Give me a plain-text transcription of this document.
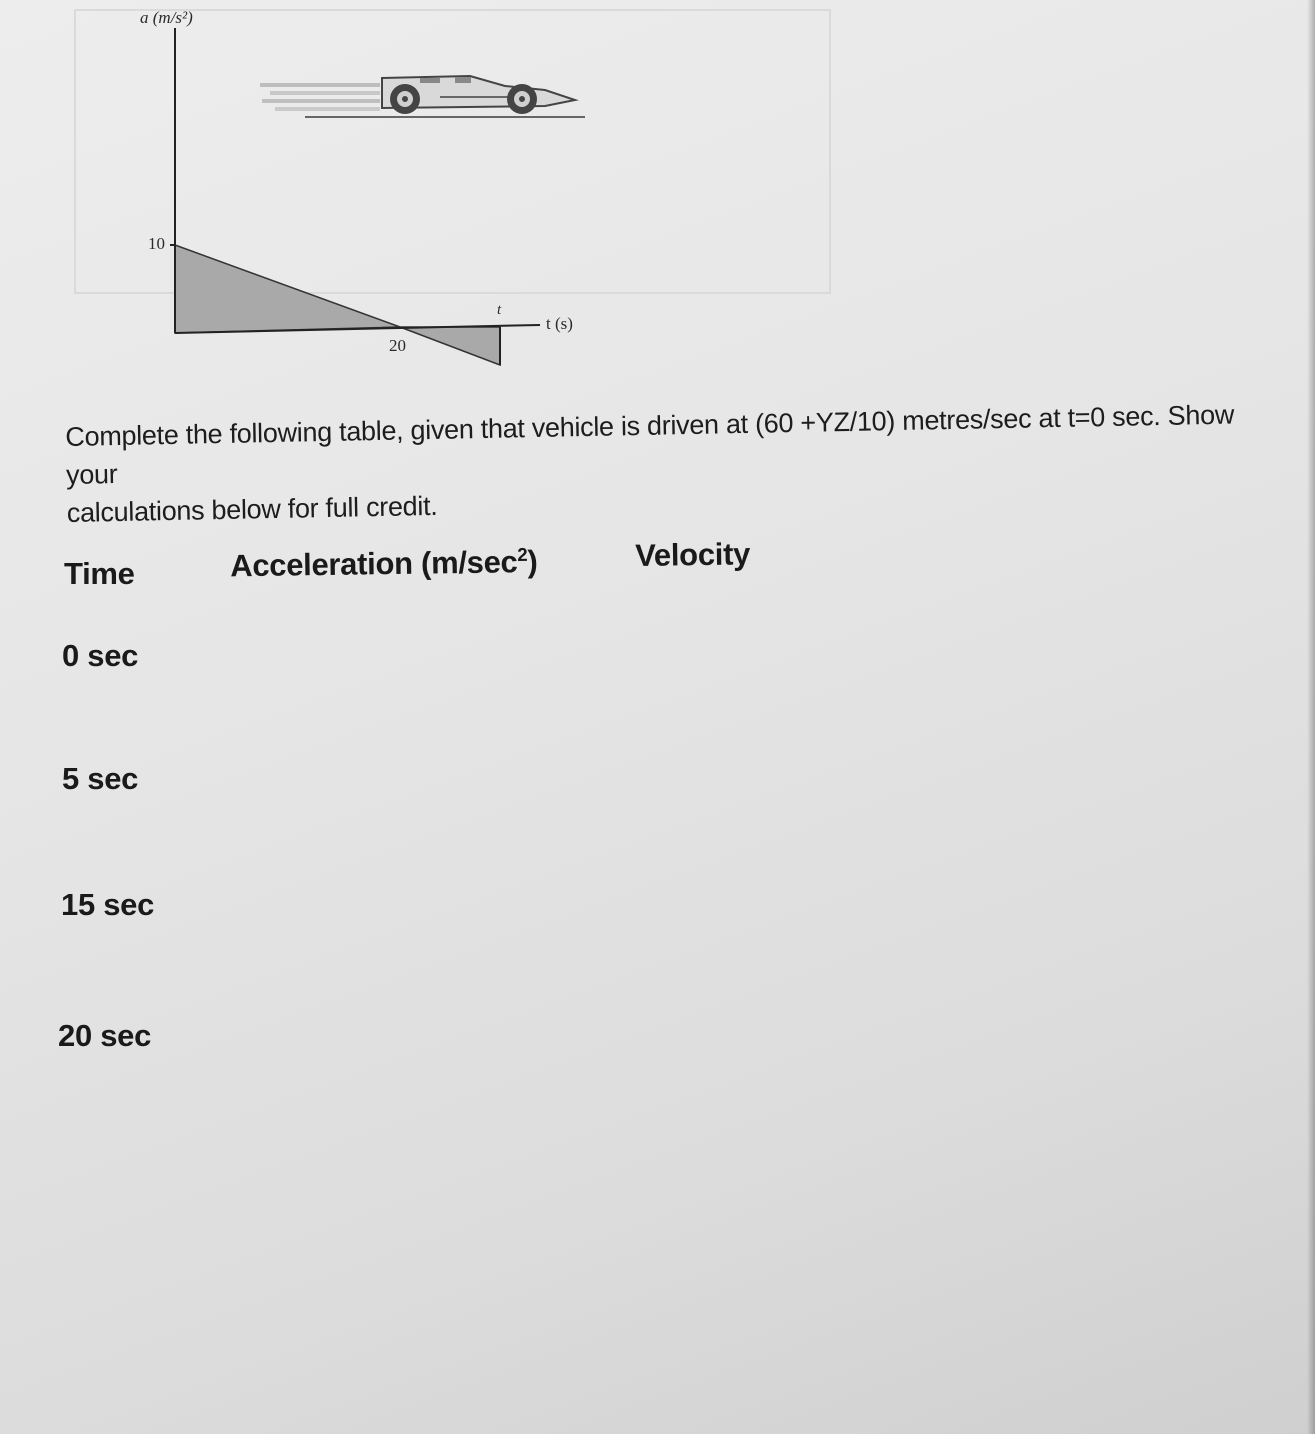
a (m/s²)
10
20
t
t (s)
Complete the following table, given that vehicle is driven at (60 +YZ/10) metres/sec at t=0 sec. Show your
calculations below for full credit.
Time	Acceleration $(m/\sec^2)$	Velocity
0 sec
5 sec
15 sec
20 sec
